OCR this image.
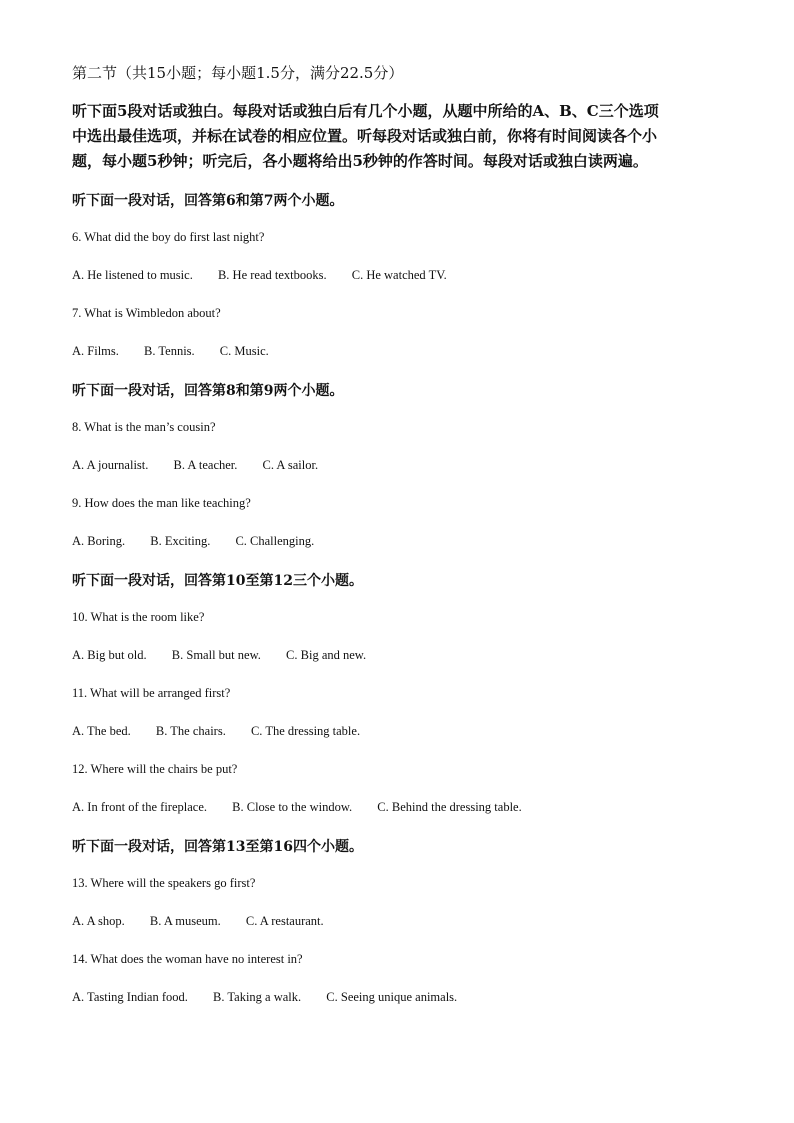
第二节（共15小题；每小题1.5分，满分22.5分）
听下面5段对话或独白。每段对话或独白后有几个小题，从题中所给的A、B、C三个选项
中选出最佳选项，并标在试卷的相应位置。听每段对话或独白前，你将有时间阅读各个小
题，每小题5秒钟；听完后，各小题将给出5秒钟的作答时间。每段对话或独白读两遍。
听下面一段对话，回答第6和第7两个小题。
6. What did the boy do first last night?
A. He listened to music. B. He read textbooks. C. He watched TV.
7. What is Wimbledon about?
A. Films. B. Tennis. C. Music.
听下面一段对话，回答第8和第9两个小题。
8. What is the man’s cousin?
A. A journalist. B. A teacher. C. A sailor.
9. How does the man like teaching?
A. Boring. B. Exciting. C. Challenging.
听下面一段对话，回答第10至第12三个小题。
10. What is the room like?
A. Big but old. B. Small but new. C. Big and new.
11. What will be arranged first?
A. The bed. B. The chairs. C. The dressing table.
12. Where will the chairs be put?
A. In front of the fireplace. B. Close to the window. C. Behind the dressing table.
听下面一段对话，回答第13至第16四个小题。
13. Where will the speakers go first?
A. A shop. B. A museum. C. A restaurant.
14. What does the woman have no interest in?
A. Tasting Indian food. B. Taking a walk. C. Seeing unique animals.
